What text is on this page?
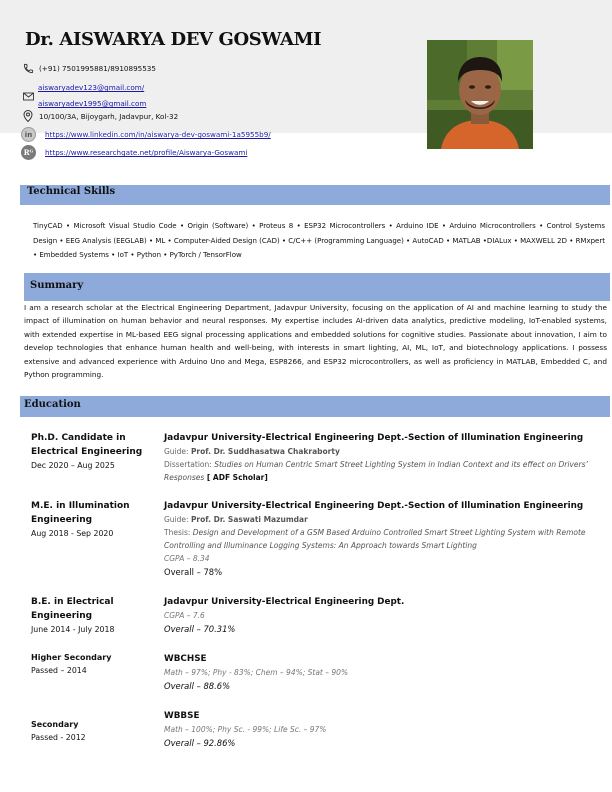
Dr. AISWARYA DEV GOSWAMI
(+91) 7501995881/8910895535
aiswaryadev123@gmail.com/
aiswaryadev1995@gmail.com
10/100/3A, Bijoygarh, Jadavpur, Kol-32
in	https://www.linkedin.com/in/aiswarya-dev-goswami-1a5955b9/
Rᴳ	https://www.researchgate.net/profile/Aiswarya-Goswami
Technical Skills
TinyCAD • Microsoft Visual Studio Code • Origin (Software) • Proteus 8 • ESP32 Microcontrollers • Arduino IDE • Arduino Microcontrollers • Control Systems Design • EEG Analysis (EEGLAB) • ML • Computer-Aided Design (CAD) • C/C++ (Programming Language) • AutoCAD • MATLAB •DIALux • MAXWELL 2D • RMxpert • Embedded Systems • IoT • Python • PyTorch / TensorFlow
Summary
I am a research scholar at the Electrical Engineering Department, Jadavpur University, focusing on the application of AI and machine learning to study the impact of illumination on human behavior and neural responses. My expertise includes AI-driven data analytics, predictive modeling, IoT-enabled systems, with extended expertise in ML-based EEG signal processing applications and embedded solutions for cognitive studies. Passionate about innovation, I aim to develop technologies that enhance human health and well-being, with interests in smart lighting, AI, ML, IoT, and biotechnology applications. I possess extensive and advanced experience with Arduino Uno and Mega, ESP8266, and ESP32 microcontrollers, as well as proficiency in MATLAB, Embedded C, and Python programming.
Education
Ph.D. Candidate in Electrical Engineering
Dec 2020 – Aug 2025
Jadavpur University-Electrical Engineering Dept.-Section of Illumination Engineering
Guide: Prof. Dr. Suddhasatwa Chakraborty
Dissertation: Studies on Human Centric Smart Street Lighting System in Indian Context and its effect on Drivers’ Responses [ ADF Scholar]
M.E. in Illumination Engineering
Aug 2018 - Sep 2020
Jadavpur University-Electrical Engineering Dept.-Section of Illumination Engineering
Guide: Prof. Dr. Saswati Mazumdar
Thesis: Design and Development of a GSM Based Arduino Controlled Smart Street Lighting System with Remote Controlling and Illuminance Logging Systems: An Approach towards Smart Lighting
CGPA – 8.34
Overall – 78%
B.E. in Electrical Engineering
June 2014 - July 2018
Jadavpur University-Electrical Engineering Dept.
CGPA – 7.6
Overall – 70.31%
Higher Secondary
Passed – 2014
WBCHSE
Math – 97%; Phy - 83%; Chem – 94%; Stat – 90%
Overall – 88.6%
Secondary
Passed - 2012
WBBSE
Math – 100%; Phy Sc. - 99%; Life Sc. – 97%
Overall – 92.86%
